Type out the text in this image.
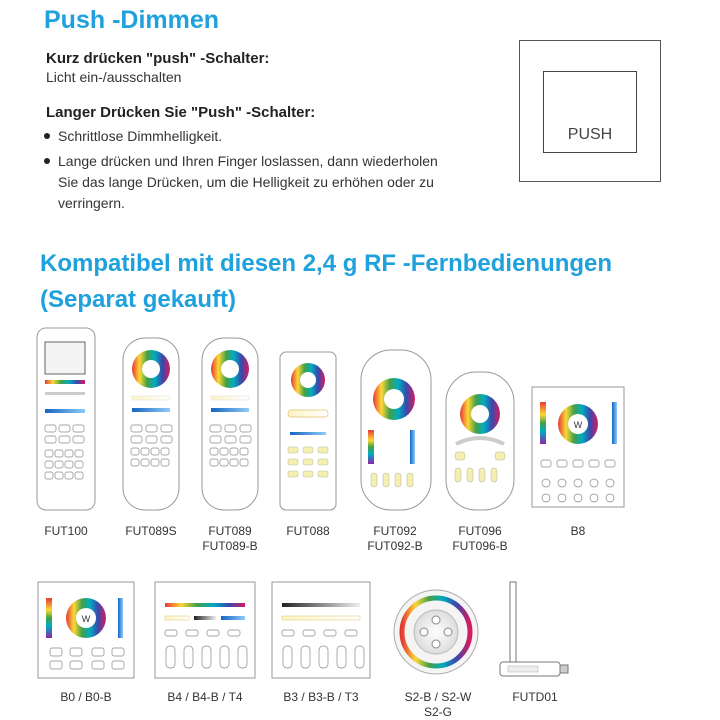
Push -Dimmen

Kurz drücken "push" -Schalter:

Licht ein-/ausschalten

Langer Drücken Sie "Push" -Schalter:

Schrittlose Dimmhelligkeit.

Lange drücken und Ihren Finger loslassen, dann wiederholen

Sie das lange Drücken, um die Helligkeit zu erhöhen oder zu

verringern.

PUSH
Kompatibel mit diesen 2,4 g RF -Fernbedienungen
(Separat gekauft)
W
W
FUT100	FUT089S	FUT089
FUT089-B
FUT088	FUT092
FUT092-B
FUT096
FUT096-B
B8
B0 / B0-B	B4 / B4-B / T4	B3 / B3-B / T3	S2-B / S2-W
S2-G
FUTD01
